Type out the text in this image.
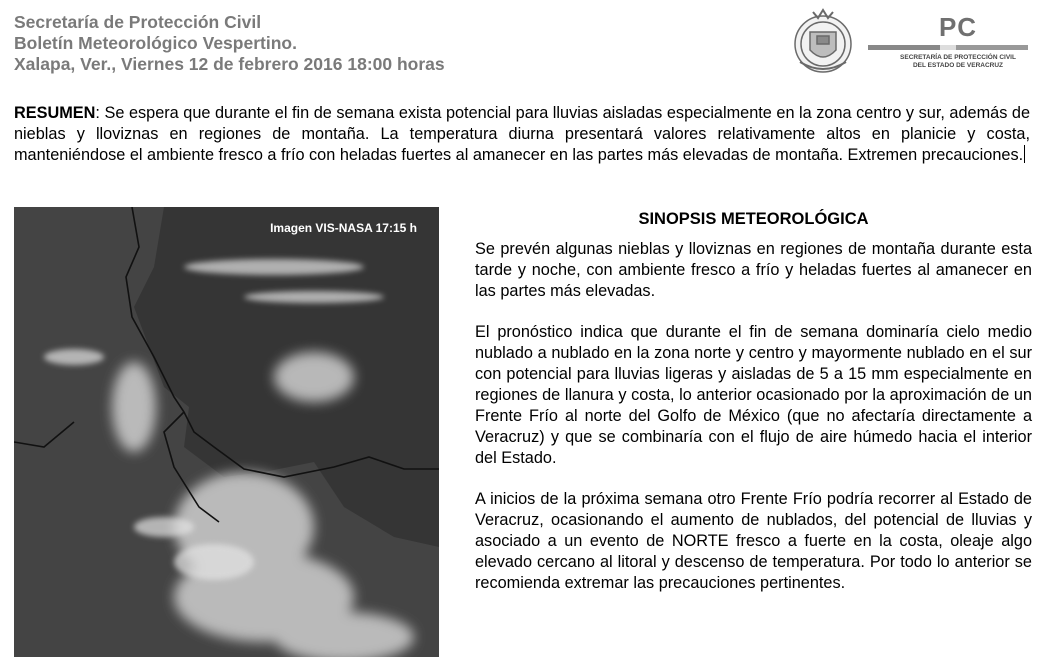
Secretaría de Protección Civil
Boletín Meteorológico Vespertino.
Xalapa, Ver., Viernes 12 de febrero 2016 18:00 horas
PC
SECRETARÍA DE PROTECCIÓN CIVIL
DEL ESTADO DE VERACRUZ
RESUMEN: Se espera que durante el fin de semana exista potencial para lluvias aisladas especialmente en la zona centro y sur, además de nieblas y lloviznas en regiones de montaña. La temperatura diurna presentará valores relativamente altos en planicie y costa, manteniéndose el ambiente fresco a frío con heladas fuertes al amanecer en las partes más elevadas de montaña. Extremen precauciones.
Imagen VIS-NASA 17:15 h	SINOPSIS METEOROLÓGICA

Se prevén algunas nieblas y lloviznas en regiones de montaña durante esta tarde y noche, con ambiente fresco a frío y heladas fuertes al amanecer en las partes más elevadas.

El pronóstico indica que durante el fin de semana dominaría cielo medio nublado a nublado en la zona norte y centro y mayormente nublado en el sur con potencial para lluvias ligeras y aisladas de 5 a 15 mm especialmente en regiones de llanura y costa, lo anterior ocasionado por la aproximación de un Frente Frío al norte del Golfo de México (que no afectaría directamente a Veracruz) y que se combinaría con el flujo de aire húmedo hacia el interior del Estado.

A inicios de la próxima semana otro Frente Frío podría recorrer al Estado de Veracruz, ocasionando el aumento de nublados, del potencial de lluvias y asociado a un evento de NORTE fresco a fuerte en la costa, oleaje algo elevado cercano al litoral y descenso de temperatura. Por todo lo anterior se recomienda extremar las precauciones pertinentes.
